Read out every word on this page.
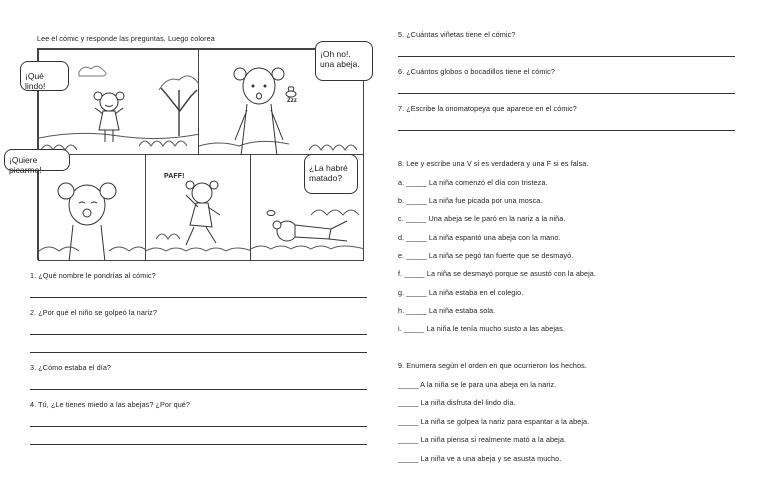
Lee el cómic y responde las preguntas. Luego colorea
Zzz
PAFF!
¡Qué lindo!
¡Oh no!,
una abeja.
¡Quiere picarme!	¿La habré
matado?
1. ¿Qué nombre le pondrías al cómic?
2. ¿Por qué el niño se golpeó la nariz?
3. ¿Cómo estaba el día?
4. Tú, ¿Le tienes miedo a las abejas? ¿Por qué?
5. ¿Cuántas viñetas tiene el cómic?
6. ¿Cuántos globos o bocadillos tiene el cómic?
7. ¿Escribe la onomatopeya que aparece en el cómic?
8. Lee y escribe una V si es verdadera y una F si es falsa.
a. _____ La niña comenzó el día con tristeza.
b. _____ La niña fue picada por una mosca.
c. _____ Una abeja se le paró en la nariz a la niña.
d. _____ La niña espantó una abeja con la mano.
e. _____ La niña se pegó tan fuerte que se desmayó.
f. _____ La niña se desmayó porque se asustó con la abeja.
g. _____ La niña estaba en el colegio.
h. _____ La niña estaba sola.
i. _____ La niña le tenía mucho susto a las abejas.
9. Enumera según el orden en que ocurrieron los hechos.
_____ A la niña se le para una abeja en la nariz.
_____ La niña disfruta del lindo día.
_____ La niña se golpea la nariz para espantar a la abeja.
_____ La niña piensa si realmente mató a la abeja.
_____ La niña ve a una abeja y se asusta mucho.
